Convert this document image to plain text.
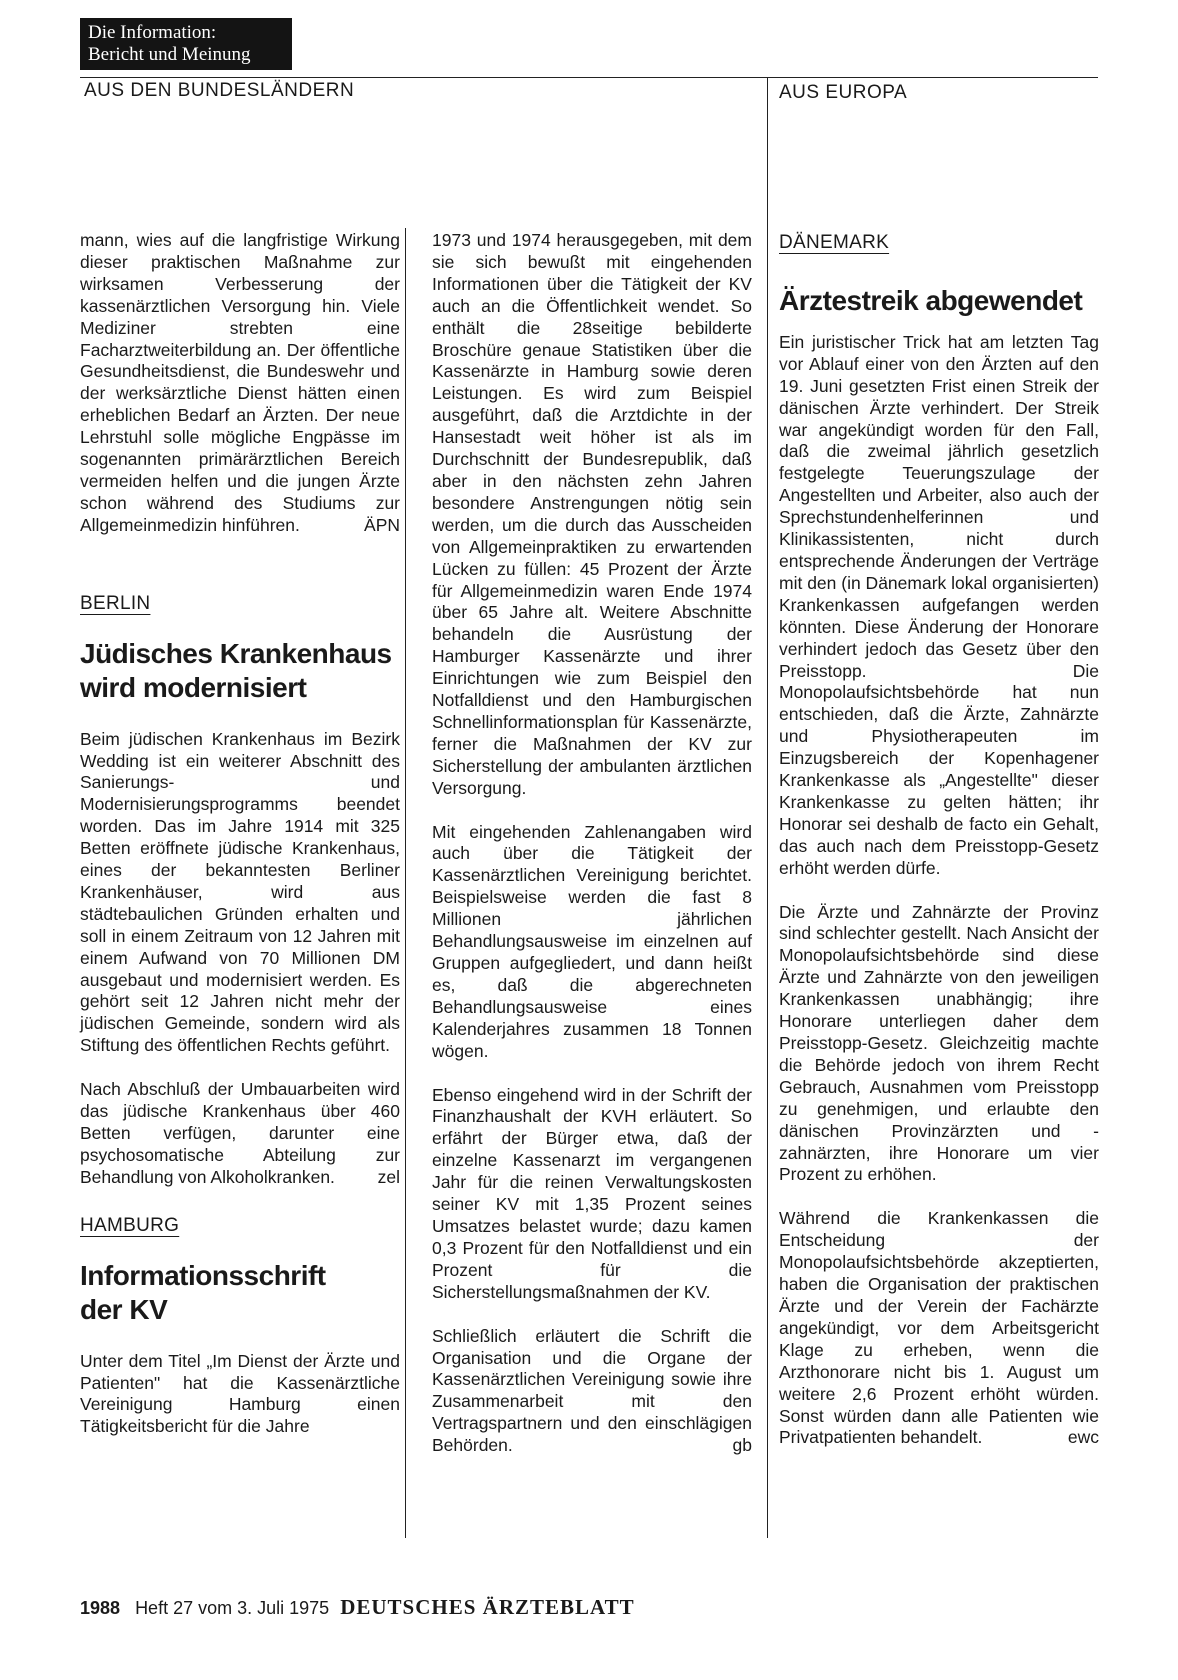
Die Information:
Bericht und Meinung
AUS DEN BUNDESLÄNDERN	AUS EUROPA

mann, wies auf die langfristige Wirkung dieser praktischen Maßnahme zur wirksamen Verbesserung der kassenärztlichen Versorgung hin. Viele Mediziner strebten eine Facharztweiterbildung an. Der öffentliche Gesundheitsdienst, die Bundeswehr und der werksärztliche Dienst hätten einen erheblichen Bedarf an Ärzten. Der neue Lehrstuhl solle mögliche Engpässe im sogenannten primärärztlichen Bereich vermeiden helfen und die jungen Ärzte schon während des Studiums zur Allgemeinmedizin hinführen.	ÄPN

BERLIN
Jüdisches Krankenhaus
wird modernisiert

Beim jüdischen Krankenhaus im Bezirk Wedding ist ein weiterer Abschnitt des Sanierungs- und Modernisierungsprogramms beendet worden. Das im Jahre 1914 mit 325 Betten eröffnete jüdische Krankenhaus, eines der bekanntesten Berliner Krankenhäuser, wird aus städtebaulichen Gründen erhalten und soll in einem Zeitraum von 12 Jahren mit einem Aufwand von 70 Millionen DM ausgebaut und modernisiert werden. Es gehört seit 12 Jahren nicht mehr der jüdischen Gemeinde, sondern wird als Stiftung des öffentlichen Rechts geführt.

Nach Abschluß der Umbauarbeiten wird das jüdische Krankenhaus über 460 Betten verfügen, darunter eine psychosomatische Abteilung zur Behandlung von Alkoholkranken. zel

HAMBURG
Informationsschrift
der KV

Unter dem Titel „Im Dienst der Ärzte und Patienten" hat die Kassenärztliche Vereinigung Hamburg einen Tätigkeitsbericht für die Jahre

1973 und 1974 herausgegeben, mit dem sie sich bewußt mit eingehenden Informationen über die Tätigkeit der KV auch an die Öffentlichkeit wendet. So enthält die 28seitige bebilderte Broschüre genaue Statistiken über die Kassenärzte in Hamburg sowie deren Leistungen. Es wird zum Beispiel ausgeführt, daß die Arztdichte in der Hansestadt weit höher ist als im Durchschnitt der Bundesrepublik, daß aber in den nächsten zehn Jahren besondere Anstrengungen nötig sein werden, um die durch das Ausscheiden von Allgemeinpraktiken zu erwartenden Lücken zu füllen: 45 Prozent der Ärzte für Allgemeinmedizin waren Ende 1974 über 65 Jahre alt. Weitere Abschnitte behandeln die Ausrüstung der Hamburger Kassenärzte und ihrer Einrichtungen wie zum Beispiel den Notfalldienst und den Hamburgischen Schnellinformationsplan für Kassenärzte, ferner die Maßnahmen der KV zur Sicherstellung der ambulanten ärztlichen Versorgung.

Mit eingehenden Zahlenangaben wird auch über die Tätigkeit der Kassenärztlichen Vereinigung berichtet. Beispielsweise werden die fast 8 Millionen jährlichen Behandlungsausweise im einzelnen auf Gruppen aufgegliedert, und dann heißt es, daß die abgerechneten Behandlungsausweise eines Kalenderjahres zusammen 18 Tonnen wögen.

Ebenso eingehend wird in der Schrift der Finanzhaushalt der KVH erläutert. So erfährt der Bürger etwa, daß der einzelne Kassenarzt im vergangenen Jahr für die reinen Verwaltungskosten seiner KV mit 1,35 Prozent seines Umsatzes belastet wurde; dazu kamen 0,3 Prozent für den Notfalldienst und ein Prozent für die Sicherstellungsmaßnahmen der KV.

Schließlich erläutert die Schrift die Organisation und die Organe der Kassenärztlichen Vereinigung sowie ihre Zusammenarbeit mit den Vertragspartnern und den einschlägigen Behörden.	gb

DÄNEMARK
Ärztestreik abgewendet

Ein juristischer Trick hat am letzten Tag vor Ablauf einer von den Ärzten auf den 19. Juni gesetzten Frist einen Streik der dänischen Ärzte verhindert. Der Streik war angekündigt worden für den Fall, daß die zweimal jährlich gesetzlich festgelegte Teuerungszulage der Angestellten und Arbeiter, also auch der Sprechstundenhelferinnen und Klinikassistenten, nicht durch entsprechende Änderungen der Verträge mit den (in Dänemark lokal organisierten) Krankenkassen aufgefangen werden könnten. Diese Änderung der Honorare verhindert jedoch das Gesetz über den Preisstopp. Die Monopolaufsichtsbehörde hat nun entschieden, daß die Ärzte, Zahnärzte und Physiotherapeuten im Einzugsbereich der Kopenhagener Krankenkasse als „Angestellte" dieser Krankenkasse zu gelten hätten; ihr Honorar sei deshalb de facto ein Gehalt, das auch nach dem Preisstopp-Gesetz erhöht werden dürfe.

Die Ärzte und Zahnärzte der Provinz sind schlechter gestellt. Nach Ansicht der Monopolaufsichtsbehörde sind diese Ärzte und Zahnärzte von den jeweiligen Krankenkassen unabhängig; ihre Honorare unterliegen daher dem Preisstopp-Gesetz. Gleichzeitig machte die Behörde jedoch von ihrem Recht Gebrauch, Ausnahmen vom Preisstopp zu genehmigen, und erlaubte den dänischen Provinzärzten und -zahnärzten, ihre Honorare um vier Prozent zu erhöhen.

Während die Krankenkassen die Entscheidung der Monopolaufsichtsbehörde akzeptierten, haben die Organisation der praktischen Ärzte und der Verein der Fachärzte angekündigt, vor dem Arbeitsgericht Klage zu erheben, wenn die Arzthonorare nicht bis 1. August um weitere 2,6 Prozent erhöht würden. Sonst würden dann alle Patienten wie Privatpatienten behandelt.	ewc

1988 Heft 27 vom 3. Juli 1975 DEUTSCHES ÄRZTEBLATT
